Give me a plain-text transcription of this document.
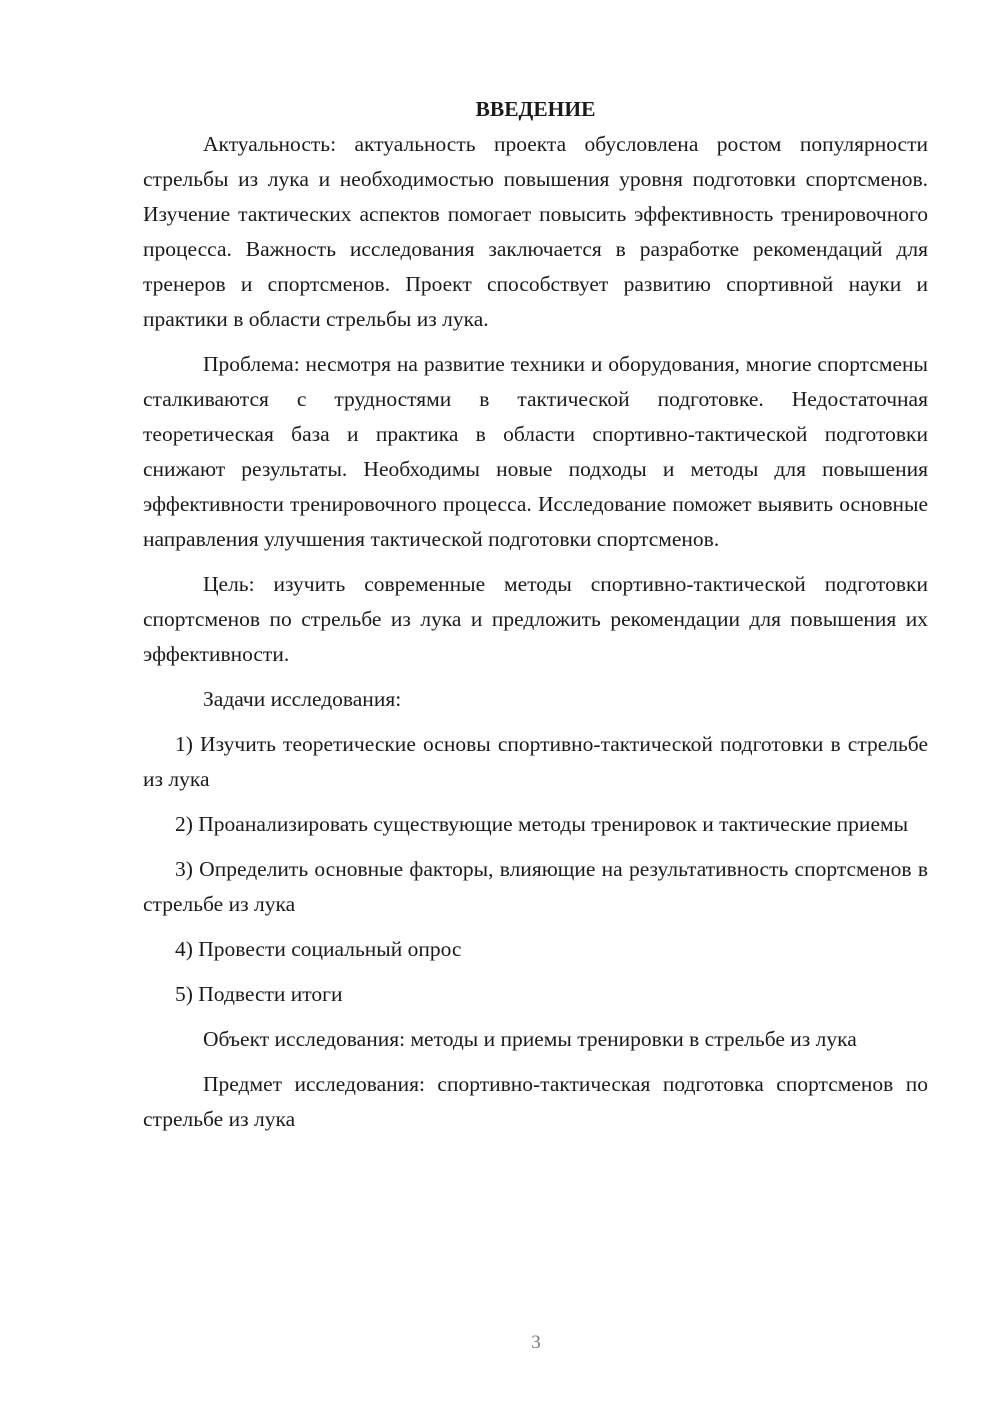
ВВЕДЕНИЕ

Актуальность: актуальность проекта обусловлена ростом популярности стрельбы из лука и необходимостью повышения уровня подготовки спортсменов. Изучение тактических аспектов помогает повысить эффективность тренировочного процесса. Важность исследования заключается в разработке рекомендаций для тренеров и спортсменов. Проект способствует развитию спортивной науки и практики в области стрельбы из лука.

Проблема: несмотря на развитие техники и оборудования, многие спортсмены сталкиваются с трудностями в тактической подготовке. Недостаточная теоретическая база и практика в области спортивно-тактической подготовки снижают результаты. Необходимы новые подходы и методы для повышения эффективности тренировочного процесса. Исследование поможет выявить основные направления улучшения тактической подготовки спортсменов.

Цель: изучить современные методы спортивно-тактической подготовки спортсменов по стрельбе из лука и предложить рекомендации для повышения их эффективности.

Задачи исследования:

1) Изучить теоретические основы спортивно-тактической подготовки в стрельбе из лука

2) Проанализировать существующие методы тренировок и тактические приемы

3) Определить основные факторы, влияющие на результативность спортсменов в стрельбе из лука

4) Провести социальный опрос

5) Подвести итоги

Объект исследования: методы и приемы тренировки в стрельбе из лука

Предмет исследования: спортивно-тактическая подготовка спортсменов по стрельбе из лука

3
